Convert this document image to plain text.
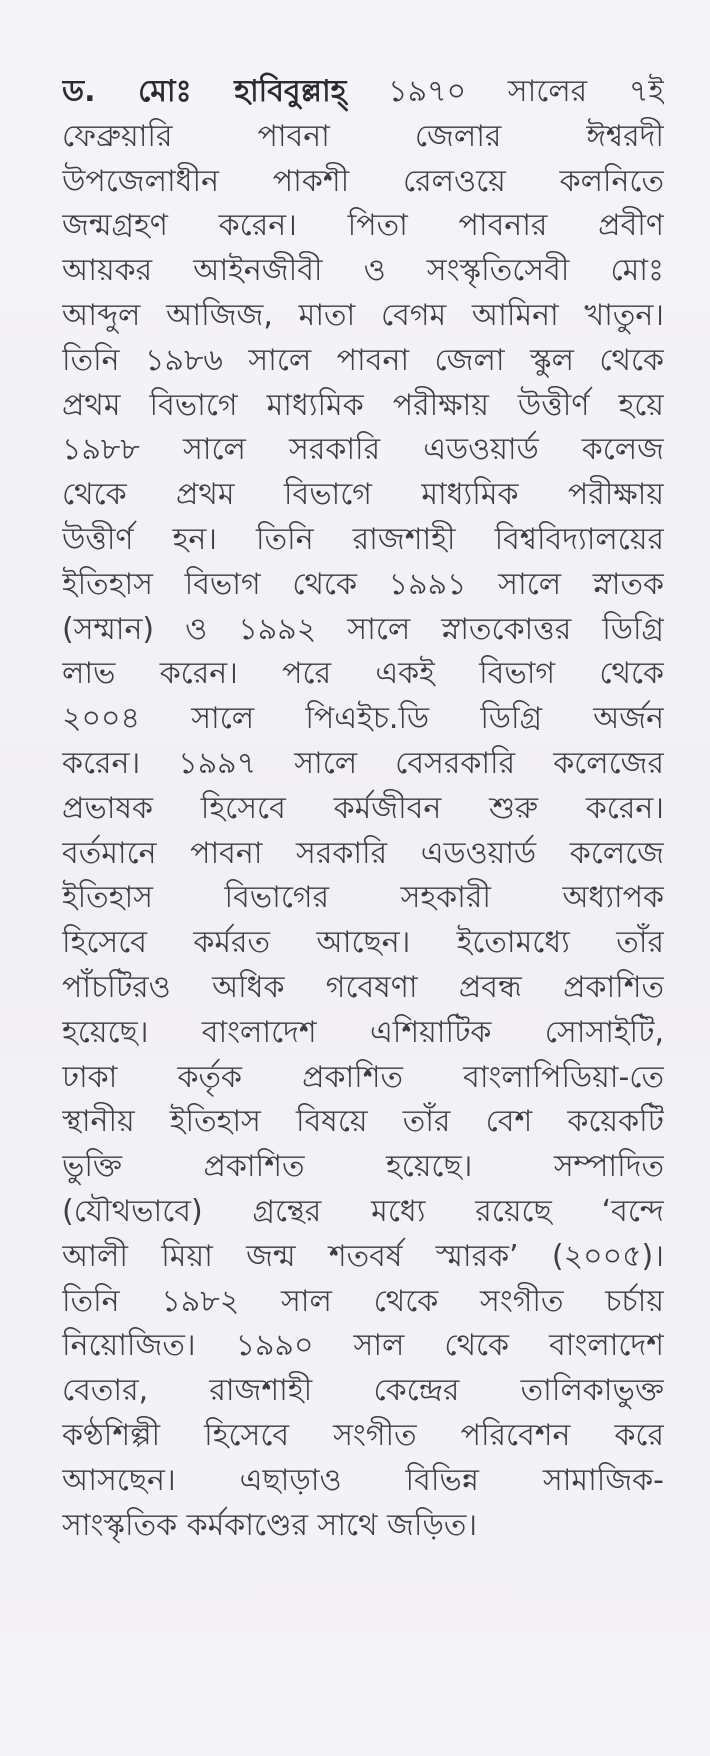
ড. মোঃ হাবিবুল্লাহ্‌ ১৯৭০ সালের ৭ই
ফেব্রুয়ারি পাবনা জেলার ঈশ্বরদী
উপজেলাধীন পাকশী রেলওয়ে কলনিতে
জন্মগ্রহণ করেন। পিতা পাবনার প্রবীণ
আয়কর আইনজীবী ও সংস্কৃতিসেবী মোঃ
আব্দুল আজিজ, মাতা বেগম আমিনা খাতুন।
তিনি ১৯৮৬ সালে পাবনা জেলা স্কুল থেকে
প্রথম বিভাগে মাধ্যমিক পরীক্ষায় উত্তীর্ণ হয়ে
১৯৮৮ সালে সরকারি এডওয়ার্ড কলেজ
থেকে প্রথম বিভাগে মাধ্যমিক পরীক্ষায়
উত্তীর্ণ হন। তিনি রাজশাহী বিশ্ববিদ্যালয়ের
ইতিহাস বিভাগ থেকে ১৯৯১ সালে স্নাতক
(সম্মান) ও ১৯৯২ সালে স্নাতকোত্তর ডিগ্রি
লাভ করেন। পরে একই বিভাগ থেকে
২০০৪ সালে পিএইচ.ডি ডিগ্রি অর্জন
করেন। ১৯৯৭ সালে বেসরকারি কলেজের
প্রভাষক হিসেবে কর্মজীবন শুরু করেন।
বর্তমানে পাবনা সরকারি এডওয়ার্ড কলেজে
ইতিহাস বিভাগের সহকারী অধ্যাপক
হিসেবে কর্মরত আছেন। ইতোমধ্যে তাঁর
পাঁচটিরও অধিক গবেষণা প্রবন্ধ প্রকাশিত
হয়েছে। বাংলাদেশ এশিয়াটিক সোসাইটি,
ঢাকা কর্তৃক প্রকাশিত বাংলাপিডিয়া-তে
স্থানীয় ইতিহাস বিষয়ে তাঁর বেশ কয়েকটি
ভুক্তি প্রকাশিত হয়েছে। সম্পাদিত
(যৌথভাবে) গ্রন্থের মধ্যে রয়েছে ‘বন্দে
আলী মিয়া জন্ম শতবর্ষ স্মারক’ (২০০৫)।
তিনি ১৯৮২ সাল থেকে সংগীত চর্চায়
নিয়োজিত। ১৯৯০ সাল থেকে বাংলাদেশ
বেতার, রাজশাহী কেন্দ্রের তালিকাভুক্ত
কণ্ঠশিল্পী হিসেবে সংগীত পরিবেশন করে
আসছেন। এছাড়াও বিভিন্ন সামাজিক-
সাংস্কৃতিক কর্মকাণ্ডের সাথে জড়িত।
